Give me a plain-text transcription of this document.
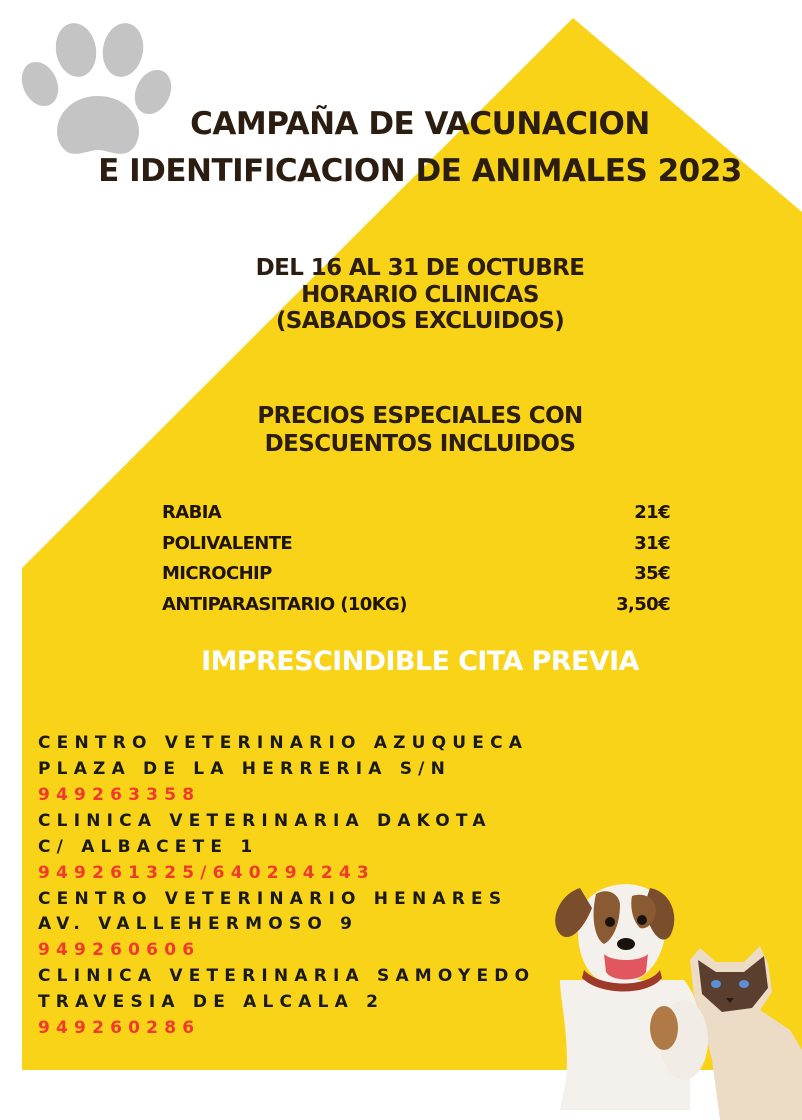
CAMPAÑA DE VACUNACION
E IDENTIFICACION DE ANIMALES 2023
DEL 16 AL 31 DE OCTUBRE
HORARIO CLINICAS
(SABADOS EXCLUIDOS)
PRECIOS ESPECIALES CON
DESCUENTOS INCLUIDOS
RABIA	21€
POLIVALENTE	31€
MICROCHIP	35€
ANTIPARASITARIO (10KG)	3,50€
IMPRESCINDIBLE CITA PREVIA
CENTRO VETERINARIO AZUQUECA
PLAZA DE LA HERRERIA S/N
949263358
CLINICA VETERINARIA DAKOTA
C/ ALBACETE 1
949261325/640294243
CENTRO VETERINARIO HENARES
AV. VALLEHERMOSO 9
949260606
CLINICA VETERINARIA SAMOYEDO
TRAVESIA DE ALCALA 2
949260286
